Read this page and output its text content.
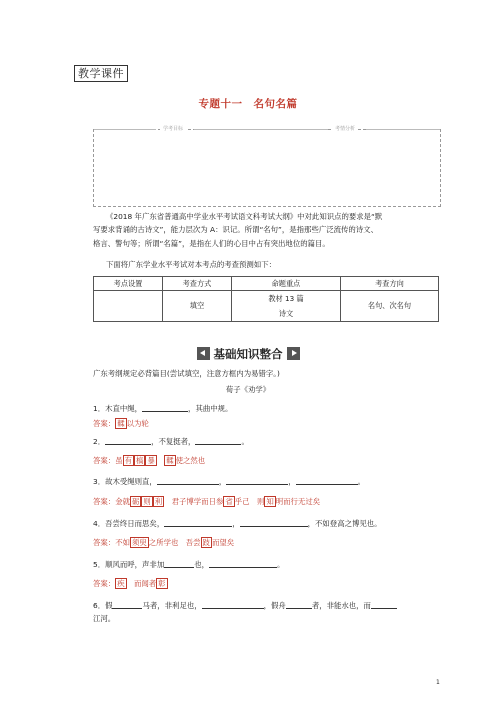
教学课件
专题十一　名句名篇
学考目标	考情分析
《2018 年广东省普通高中学业水平考试语文科考试大纲》中对此知识点的要求是“默
写要求背诵的古诗文”，能力层次为 A：识记。所谓“名句”，是指那些广泛流传的诗文、
格言、警句等；所谓“名篇”，是指在人们的心目中占有突出地位的篇目。
下面将广东学业水平考试对本考点的考查预测如下：
考点设置	考查方式	命题重点	考查方向
	填空	教材 13 篇
诗文	名句、次名句
基础知识整合
广东考纲规定必背篇目(尝试填空，注意方框内为易错字。)
荀子《劝学》
1．木直中绳，	，其曲中规。
答案： 輮 以为轮
2．	，不复挺者，	。
答案：虽 有 槁 暴　 輮 使之然也
3．故木受绳则直，	，	，	。
答案：金就 砺 则 利　 君子博学而日参 省 乎己　则 知 明而行无过矣
4．吾尝终日而思矣，	，	，不如登高之博见也。
答案：不如 须臾 之所学也　吾尝 跂 而望矣
5．顺风而呼，声非加	也，	。
答案： 疾　而闻者 彰
6．假	马者，非利足也，	，假舟	者，非能水也，而
江河。
1
